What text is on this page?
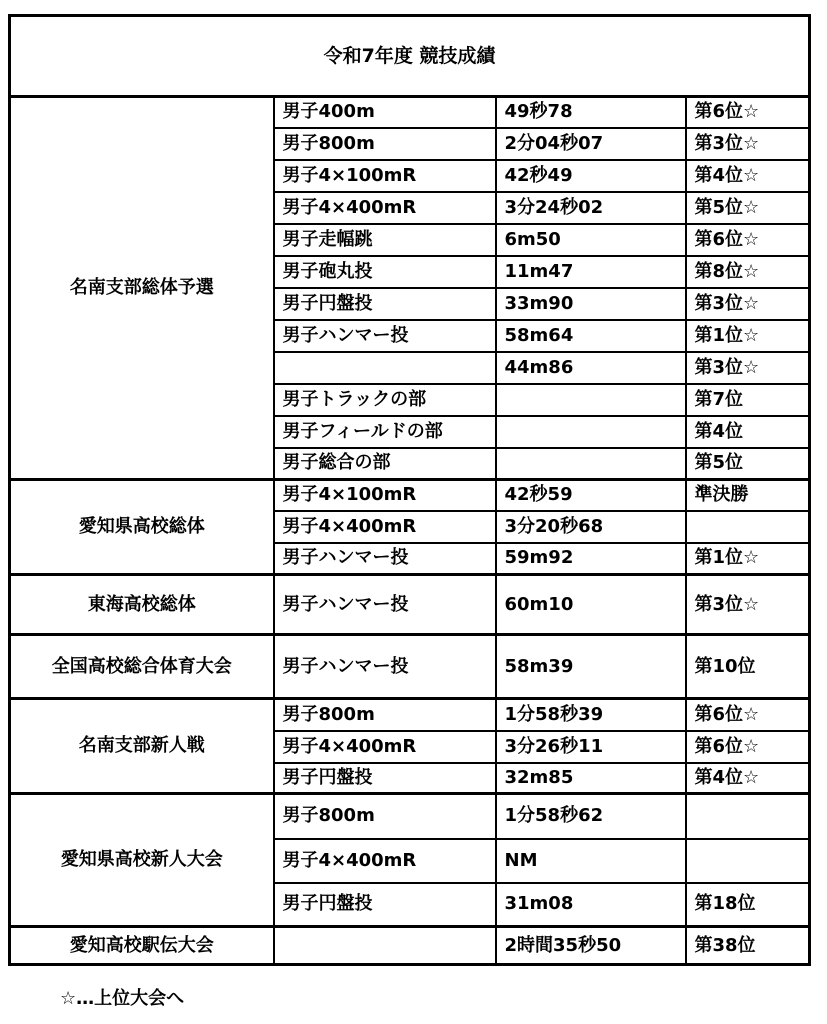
令和7年度 競技成績			
名南支部総体予選	男子400m	49秒78	第6位☆
	男子800m	2分04秒07	第3位☆
	男子4×100mR	42秒49	第4位☆
	男子4×400mR	3分24秒02	第5位☆
	男子走幅跳	6m50	第6位☆
	男子砲丸投	11m47	第8位☆
	男子円盤投	33m90	第3位☆
	男子ハンマー投	58m64	第1位☆
		44m86	第3位☆
	男子トラックの部		第7位
	男子フィールドの部		第4位
	男子総合の部		第5位
愛知県高校総体	男子4×100mR	42秒59	準決勝
	男子4×400mR	3分20秒68	
	男子ハンマー投	59m92	第1位☆
東海高校総体	男子ハンマー投	60m10	第3位☆
全国高校総合体育大会	男子ハンマー投	58m39	第10位
名南支部新人戦	男子800m	1分58秒39	第6位☆
	男子4×400mR	3分26秒11	第6位☆
	男子円盤投	32m85	第4位☆
愛知県高校新人大会	男子800m	1分58秒62	
	男子4×400mR	NM	
	男子円盤投	31m08	第18位
愛知高校駅伝大会		2時間35秒50	第38位
☆…上位大会へ
